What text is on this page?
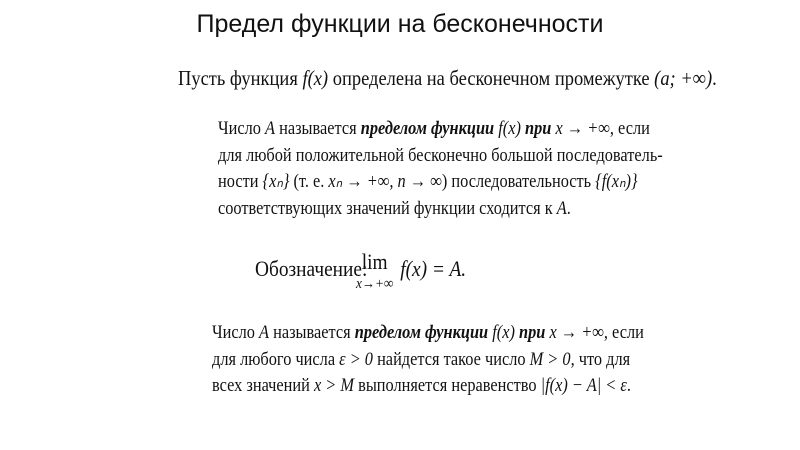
Предел функции на бесконечности
Пусть функция f(x) определена на бесконечном промежутке (a; +∞).
Число A называется пределом функции f(x) при x → +∞, если
для любой положительной бесконечно большой последователь-
ности {xₙ} (т. е. xₙ → +∞, n → ∞) последовательность {f(xₙ)}
соответствующих значений функции сходится к A.
Обозначение:
lim
x→+∞
f(x) = A.
Число A называется пределом функции f(x) при x → +∞, если
для любого числа ε > 0 найдется такое число M > 0, что для
всех значений x > M выполняется неравенство |f(x) − A| < ε.
